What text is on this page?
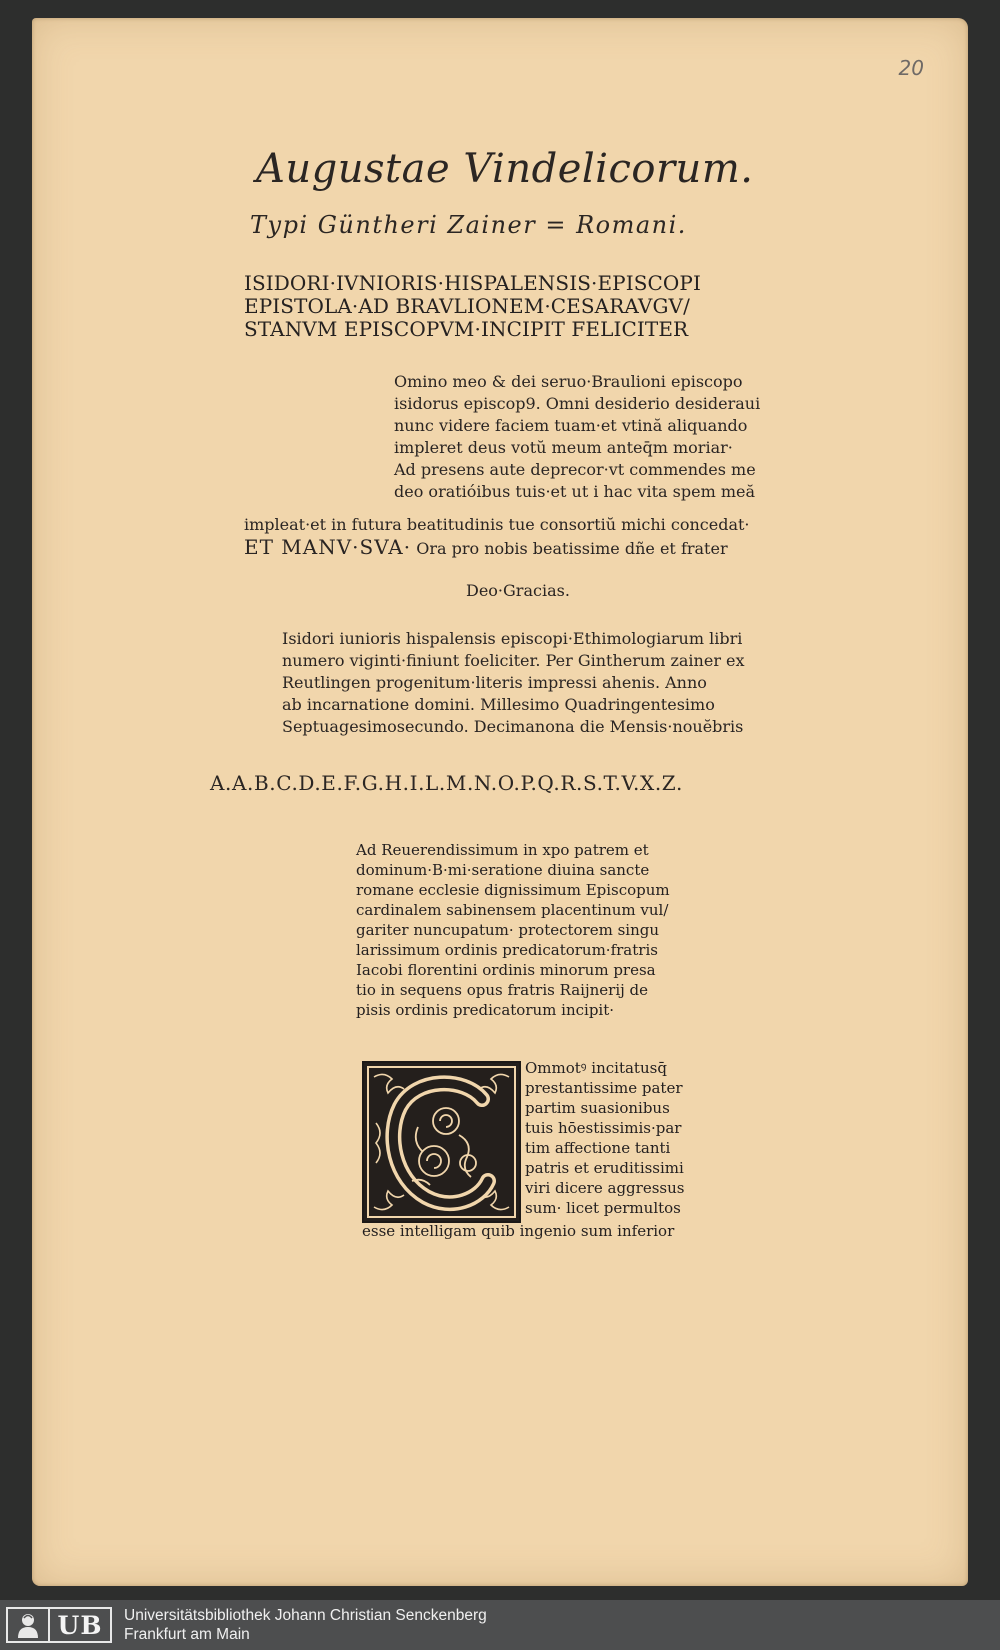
20
Augustae Vindelicorum.
Typi Güntheri Zainer = Romani.
ISIDORI·IVNIORIS·HISPALENSIS·EPISCOPI
EPISTOLA·AD BRAVLIONEM·CESARAVGV/
STANVM EPISCOPVM·INCIPIT FELICITER
Omino meo & dei seruo·Braulioni episcopo
isidorus episcop9. Omni desiderio desideraui
nunc videre faciem tuam·et vtină aliquando
impleret deus votŭ meum anteq̄m moriar·
Ad presens aute deprecor·vt commendes me
deo oratióibus tuis·et ut i hac vita spem meă
impleat·et in futura beatitudinis tue consortiŭ michi concedat·
ET MANV·SVA· Ora pro nobis beatissime dñe et frater
Deo·Gracias.
Isidori iunioris hispalensis episcopi·Ethimologiarum libri
numero viginti·finiunt foeliciter. Per Gintherum zainer ex
Reutlingen progenitum·literis impressi ahenis. Anno
ab incarnatione domini. Millesimo Quadringentesimo
Septuagesimosecundo. Decimanona die Mensis·nouĕbris
A.A.B.C.D.E.F.G.H.I.L.M.N.O.P.Q.R.S.T.V.X.Z.
Ad Reuerendissimum in xpo patrem et
dominum·B·mi·seratione diuina sancte
romane ecclesie dignissimum Episcopum
cardinalem sabinensem placentinum vul/
gariter nuncupatum· protectorem singu
larissimum ordinis predicatorum·fratris
Iacobi florentini ordinis minorum presa
tio in sequens opus fratris Raijnerij de
pisis ordinis predicatorum incipit·
Ommotꝰ incitatusq̄
prestantissime pater
partim suasionibus
tuis hōestissimis·par
tim affectione tanti
patris et eruditissimi
viri dicere aggressus
sum· licet permultos
esse intelligam quib ingenio sum inferior
UB	Universitätsbibliothek Johann Christian Senckenberg
Frankfurt am Main
